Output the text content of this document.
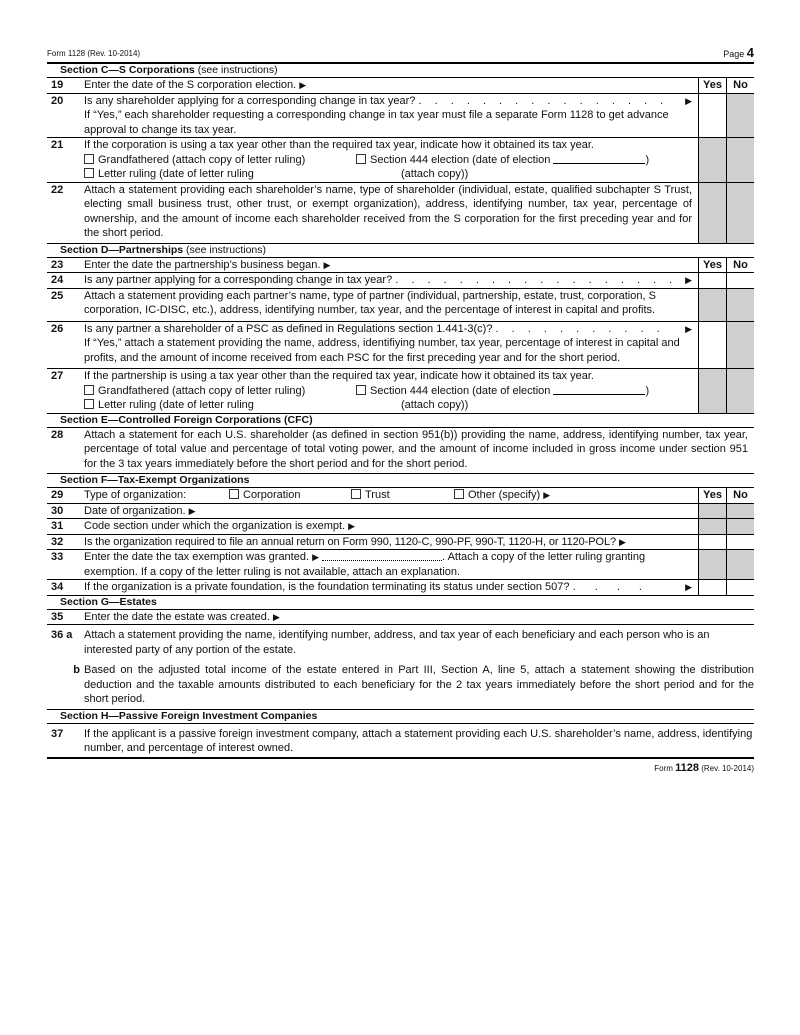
Form 1128 (Rev. 10-2014)	Page 4
Section C—S Corporations (see instructions)
19	Enter the date of the S corporation election. ▶	Yes	No
20	Is any shareholder applying for a corresponding change in tax year? . . . . . . . . . . . . . . . . ▶
If “Yes,” each shareholder requesting a corresponding change in tax year must file a separate Form 1128 to get advance approval to change its tax year.
21	If the corporation is using a tax year other than the required tax year, indicate how it obtained its tax year.
Grandfathered (attach copy of letter ruling)	Section 444 election (date of election	)
Letter ruling (date of letter ruling	(attach copy))
22	Attach a statement providing each shareholder’s name, type of shareholder (individual, estate, qualified subchapter S Trust, electing small business trust, other trust, or exempt organization), address, identifying number, tax year, percentage of ownership, and the amount of income each shareholder received from the S corporation for the first preceding year and for the short period.
Section D—Partnerships (see instructions)
23	Enter the date the partnership’s business began. ▶	Yes	No
24	Is any partner applying for a corresponding change in tax year? . . . . . . . . . . . . . . . . . . ▶
25	Attach a statement providing each partner’s name, type of partner (individual, partnership, estate, trust, corporation, S corporation, IC-DISC, etc.), address, identifying number, tax year, and the percentage of interest in capital and profits.
26	Is any partner a shareholder of a PSC as defined in Regulations section 1.441-3(c)? . . . . . . . . . . . ▶
If “Yes,” attach a statement providing the name, address, identifiying number, tax year, percentage of interest in capital and profits, and the amount of income received from each PSC for the first preceding year and for the short period.
27	If the partnership is using a tax year other than the required tax year, indicate how it obtained its tax year.
Grandfathered (attach copy of letter ruling)	Section 444 election (date of election	)
Letter ruling (date of letter ruling	(attach copy))
Section E—Controlled Foreign Corporations (CFC)
28	Attach a statement for each U.S. shareholder (as defined in section 951(b)) providing the name, address, identifying number, tax year, percentage of total value and percentage of total voting power, and the amount of income included in gross income under section 951 for the 3 tax years immediately before the short period and for the short period.
Section F—Tax-Exempt Organizations
29	Type of organization:	Corporation	Trust	Other (specify) ▶	Yes	No
30	Date of organization. ▶
31	Code section under which the organization is exempt. ▶
32	Is the organization required to file an annual return on Form 990, 1120-C, 990-PF, 990-T, 1120-H, or 1120-POL? ▶
33	Enter the date the tax exemption was granted. ▶	. Attach a copy of the letter ruling granting
exemption. If a copy of the letter ruling is not available, attach an explanation.
34	If the organization is a private foundation, is the foundation terminating its status under section 507? . . . .	▶
Section G—Estates
35	Enter the date the estate was created. ▶
36 a	Attach a statement providing the name, identifying number, address, and tax year of each beneficiary and each person who is an interested party of any portion of the estate.
b Based on the adjusted total income of the estate entered in Part III, Section A, line 5, attach a statement showing the distribution deduction and the taxable amounts distributed to each beneficiary for the 2 tax years immediately before the short period and for the short period.
Section H—Passive Foreign Investment Companies
37	If the applicant is a passive foreign investment company, attach a statement providing each U.S. shareholder’s name, address, identifying number, and percentage of interest owned.
Form 1128 (Rev. 10-2014)
